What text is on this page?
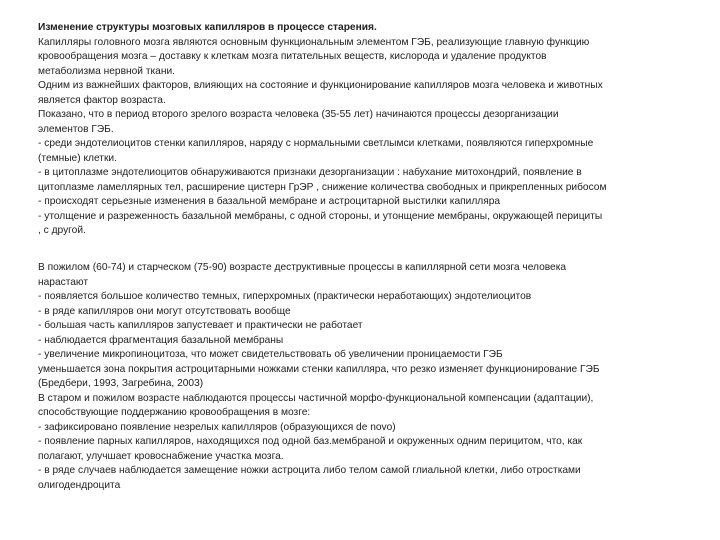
Изменение структуры мозговых капилляров в процессе старения.
Капилляры головного мозга являются основным функциональным элементом ГЭБ, реализующие главную функцию
кровообращения мозга – доставку к клеткам мозга питательных веществ, кислорода и удаление продуктов
метаболизма нервной ткани.
Одним из важнейших факторов, влияющих на состояние и функционирование капилляров мозга человека и животных
является фактор возраста.
Показано, что в период второго зрелого возраста человека (35-55 лет) начинаются процессы дезорганизации
элементов ГЭБ.
- среди эндотелиоцитов стенки капилляров, наряду с нормальными светлымси клетками, появляются гиперхромные
(темные) клетки.
- в цитоплазме эндотелиоцитов обнаруживаются признаки дезорганизации : набухание митохондрий, появление в
цитоплазме ламеллярных тел, расширение цистерн ГрЭР , снижение количества свободных и прикрепленных рибосом
- происходят серьезные изменения в базальной мембране и астроцитарной выстилки капилляра
- утолщение и разреженность базальной мембраны, с одной стороны, и утонщение мембраны, окружающей перициты
, с другой.
В пожилом (60-74) и старческом (75-90) возрасте деструктивные процессы в капиллярной сети мозга человека
нарастают
- появляется большое количество темных, гиперхромных (практически неработающих) эндотелиоцитов
- в ряде капилляров они могут отсутствовать вообще
- большая часть капилляров запустевает и практически не работает
- наблюдается фрагментация базальной мембраны
- увеличение микропиноцитоза, что может свидетельствовать об увеличении проницаемости ГЭБ
уменьшается зона покрытия астроцитарными ножками стенки капилляра, что резко изменяет функционирование ГЭБ
(Бредбери, 1993, Загребина, 2003)
В старом и пожилом возрасте наблюдаются процессы частичной морфо-функциональной компенсации (адаптации),
способствующие поддержанию кровообращения в мозге:
- зафиксировано появление незрелых капилляров (образующихся de novo)
- появление парных капилляров, находящихся под одной баз.мембраной и окруженных одним перицитом, что, как
полагают, улучшает кровоснабжение участка мозга.
- в ряде случаев наблюдается замещение ножки астроцита либо телом самой глиальной клетки, либо отростками
олигодендроцита
